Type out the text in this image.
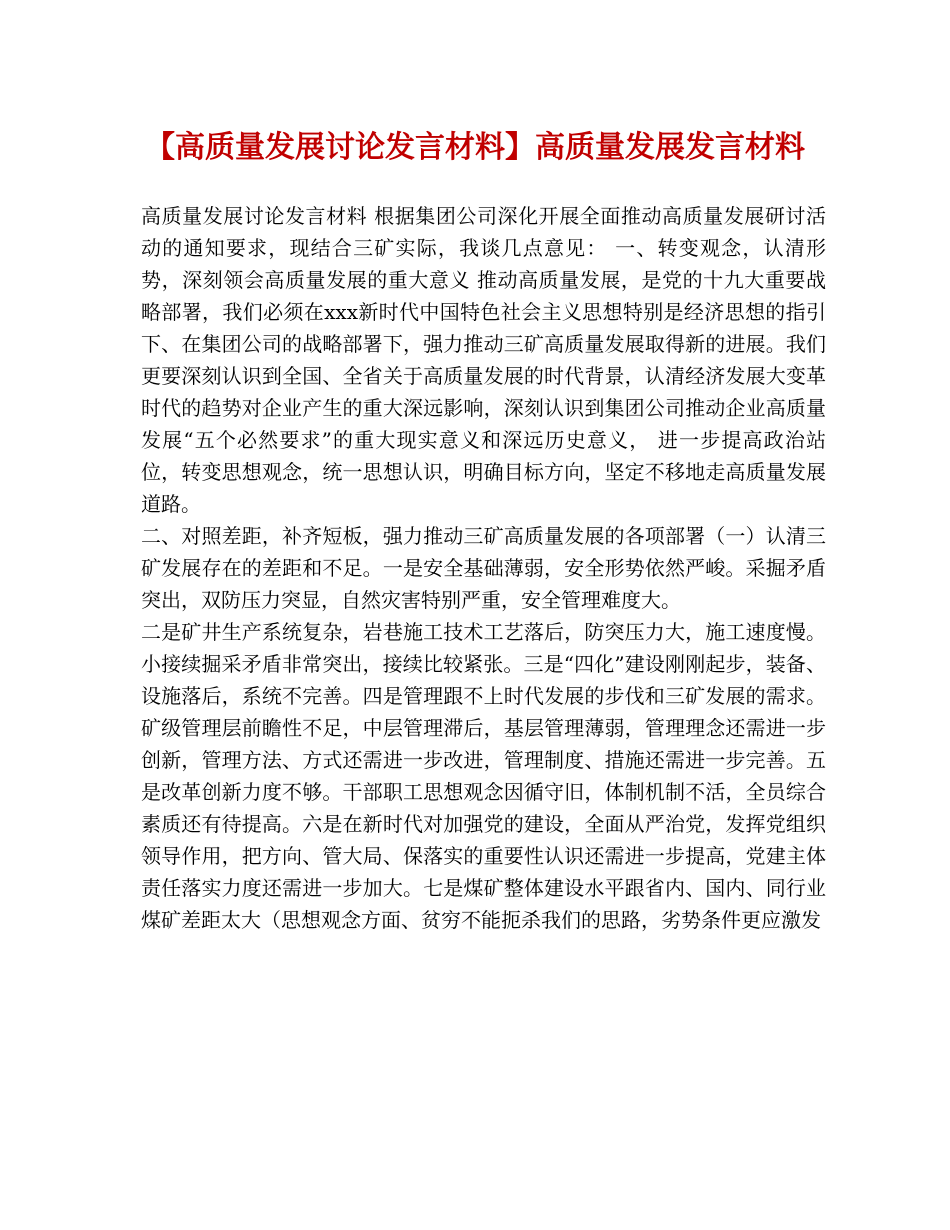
【高质量发展讨论发言材料】高质量发展发言材料

高质量发展讨论发言材料 根据集团公司深化开展全面推动高质量发展研讨活动的通知要求，现结合三矿实际，我谈几点意见： 一、转变观念，认清形势，深刻领会高质量发展的重大意义 推动高质量发展，是党的十九大重要战略部署，我们必须在xxx新时代中国特色社会主义思想特别是经济思想的指引下、在集团公司的战略部署下，强力推动三矿高质量发展取得新的进展。我们更要深刻认识到全国、全省关于高质量发展的时代背景，认清经济发展大变革时代的趋势对企业产生的重大深远影响，深刻认识到集团公司推动企业高质量发展“五个必然要求”的重大现实意义和深远历史意义， 进一步提高政治站位，转变思想观念，统一思想认识，明确目标方向，坚定不移地走高质量发展道路。

二、对照差距，补齐短板，强力推动三矿高质量发展的各项部署（一）认清三矿发展存在的差距和不足。一是安全基础薄弱，安全形势依然严峻。采掘矛盾突出，双防压力突显，自然灾害特别严重，安全管理难度大。

二是矿井生产系统复杂，岩巷施工技术工艺落后，防突压力大，施工速度慢。小接续掘采矛盾非常突出，接续比较紧张。三是“四化”建设刚刚起步，装备、设施落后，系统不完善。四是管理跟不上时代发展的步伐和三矿发展的需求。矿级管理层前瞻性不足，中层管理滞后，基层管理薄弱，管理理念还需进一步创新，管理方法、方式还需进一步改进，管理制度、措施还需进一步完善。五是改革创新力度不够。干部职工思想观念因循守旧，体制机制不活，全员综合素质还有待提高。六是在新时代对加强党的建设，全面从严治党，发挥党组织领导作用，把方向、管大局、保落实的重要性认识还需进一步提高，党建主体责任落实力度还需进一步加大。七是煤矿整体建设水平跟省内、国内、同行业煤矿差距太大（思想观念方面、贫穷不能扼杀我们的思路，劣势条件更应激发
